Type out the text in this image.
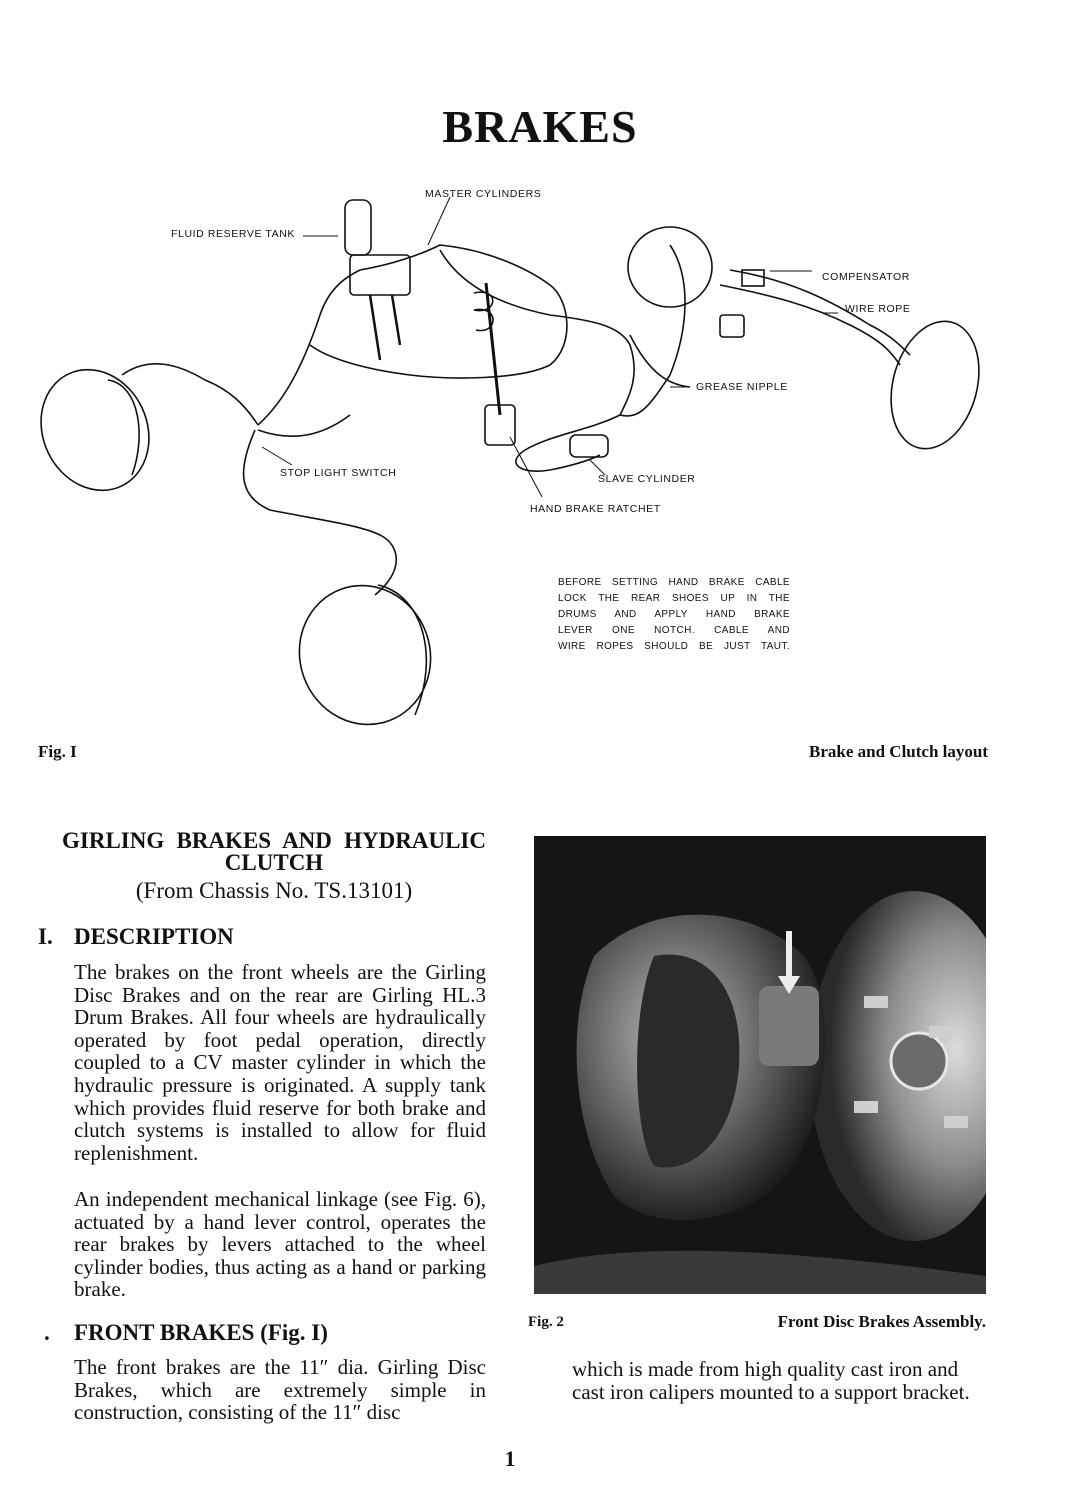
BRAKES
MASTER CYLINDERS
FLUID RESERVE TANK
COMPENSATOR
WIRE ROPE
GREASE NIPPLE
STOP LIGHT SWITCH	SLAVE CYLINDER
HAND BRAKE RATCHET
BEFORE SETTING HAND BRAKE CABLE
LOCK THE REAR SHOES UP IN THE
DRUMS AND APPLY HAND BRAKE
LEVER ONE NOTCH. CABLE AND
WIRE ROPES SHOULD BE JUST TAUT.
Fig. I	Brake and Clutch layout
GIRLING BRAKES AND HYDRAULIC
CLUTCH
(From Chassis No. TS.13101)
I. DESCRIPTION
The brakes on the front wheels are the Girling Disc Brakes and on the rear are Girling HL.3 Drum Brakes. All four wheels are hydraulically operated by foot pedal operation, directly coupled to a CV master cylinder in which the hydraulic pressure is originated. A supply tank which provides fluid reserve for both brake and clutch systems is installed to allow for fluid replenishment.
An independent mechanical linkage (see Fig. 6), actuated by a hand lever control, operates the rear brakes by levers attached to the wheel cylinder bodies, thus acting as a hand or parking brake.
. FRONT BRAKES (Fig. I)
The front brakes are the 11″ dia. Girling Disc Brakes, which are extremely simple in construction, consisting of the 11″ disc
Fig. 2	Front Disc Brakes Assembly.
which is made from high quality cast iron and cast iron calipers mounted to a support bracket.
1
